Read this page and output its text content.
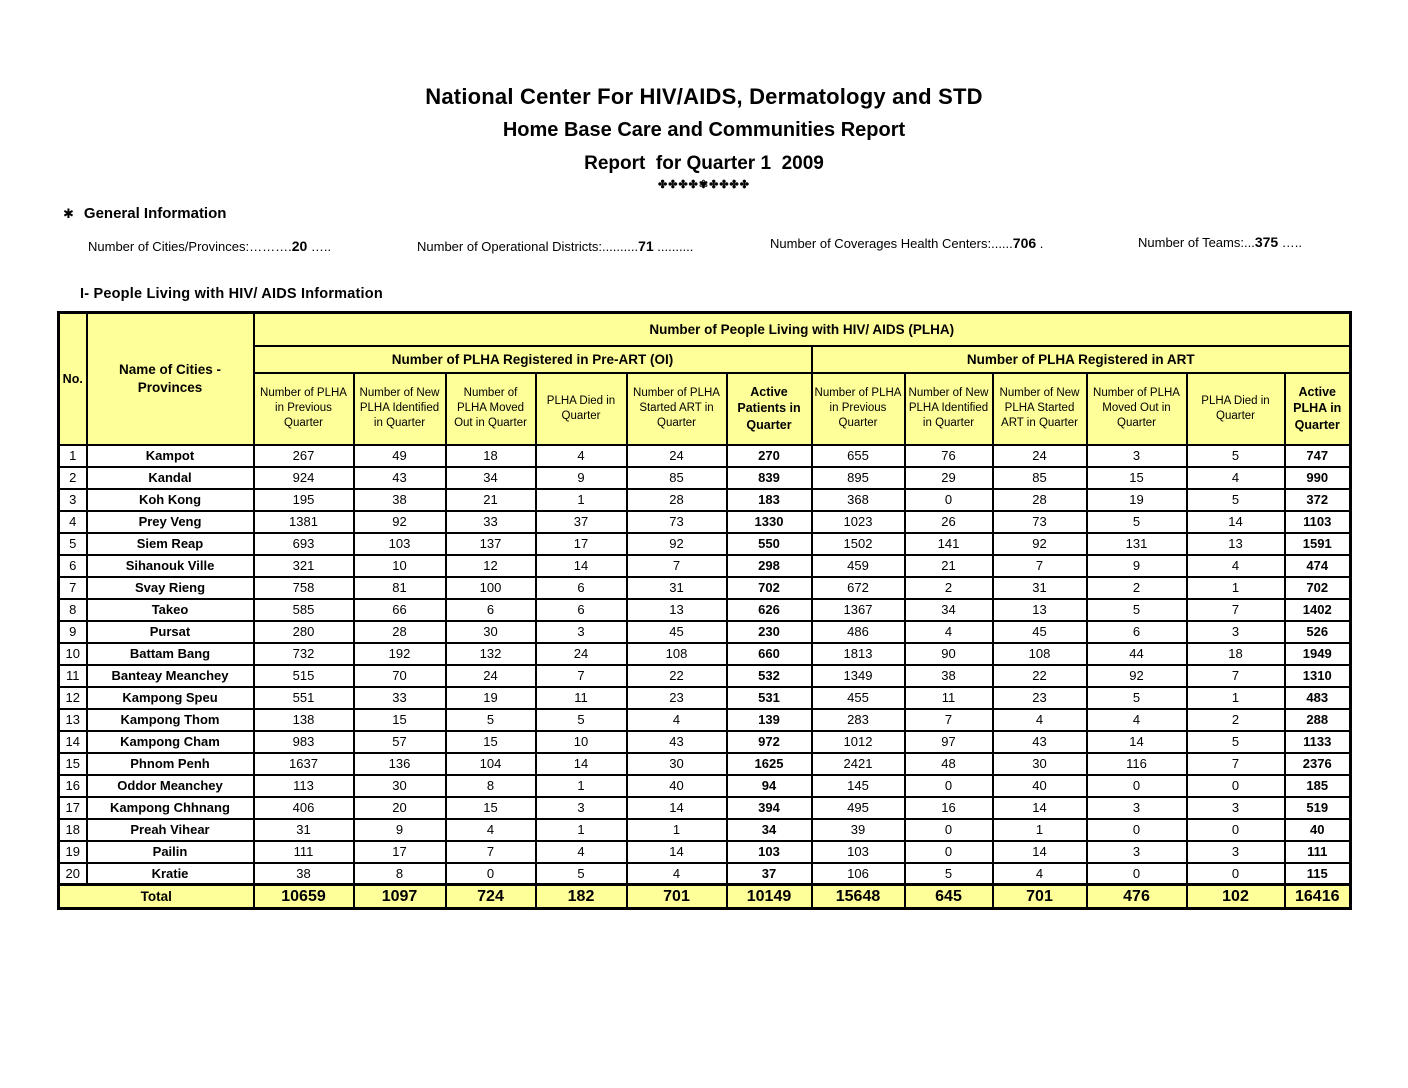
National Center For HIV/AIDS, Dermatology and STD
Home Base Care and Communities Report
Report  for Quarter 1  2009
✤✤✤✤✾✤✤✤✤
✱ General Information
Number of Cities/Provinces:……….20 …..	Number of Operational Districts:..........71 ..........	Number of Coverages Health Centers:......706 .	Number of Teams:...375 …..
I- People Living with HIV/ AIDS Information
No.	Name of Cities - Provinces	Number of People Living with HIV/ AIDS (PLHA)											
		Number of PLHA Registered in Pre-ART (OI)						Number of PLHA Registered in ART					
		Number of PLHA in Previous Quarter	Number of New PLHA Identified in Quarter	Number of PLHA Moved Out in Quarter	PLHA Died in Quarter	Number of PLHA Started ART in Quarter	Active Patients in Quarter	Number of PLHA in Previous Quarter	Number of New PLHA Identified in Quarter	Number of New PLHA Started ART in Quarter	Number of PLHA Moved Out in Quarter	PLHA Died in Quarter	Active PLHA in Quarter
1	Kampot	267	49	18	4	24	270	655	76	24	3	5	747
2	Kandal	924	43	34	9	85	839	895	29	85	15	4	990
3	Koh Kong	195	38	21	1	28	183	368	0	28	19	5	372
4	Prey Veng	1381	92	33	37	73	1330	1023	26	73	5	14	1103
5	Siem Reap	693	103	137	17	92	550	1502	141	92	131	13	1591
6	Sihanouk Ville	321	10	12	14	7	298	459	21	7	9	4	474
7	Svay Rieng	758	81	100	6	31	702	672	2	31	2	1	702
8	Takeo	585	66	6	6	13	626	1367	34	13	5	7	1402
9	Pursat	280	28	30	3	45	230	486	4	45	6	3	526
10	Battam Bang	732	192	132	24	108	660	1813	90	108	44	18	1949
11	Banteay Meanchey	515	70	24	7	22	532	1349	38	22	92	7	1310
12	Kampong Speu	551	33	19	11	23	531	455	11	23	5	1	483
13	Kampong Thom	138	15	5	5	4	139	283	7	4	4	2	288
14	Kampong Cham	983	57	15	10	43	972	1012	97	43	14	5	1133
15	Phnom Penh	1637	136	104	14	30	1625	2421	48	30	116	7	2376
16	Oddor Meanchey	113	30	8	1	40	94	145	0	40	0	0	185
17	Kampong Chhnang	406	20	15	3	14	394	495	16	14	3	3	519
18	Preah Vihear	31	9	4	1	1	34	39	0	1	0	0	40
19	Pailin	111	17	7	4	14	103	103	0	14	3	3	111
20	Kratie	38	8	0	5	4	37	106	5	4	0	0	115
Total		10659	1097	724	182	701	10149	15648	645	701	476	102	16416
